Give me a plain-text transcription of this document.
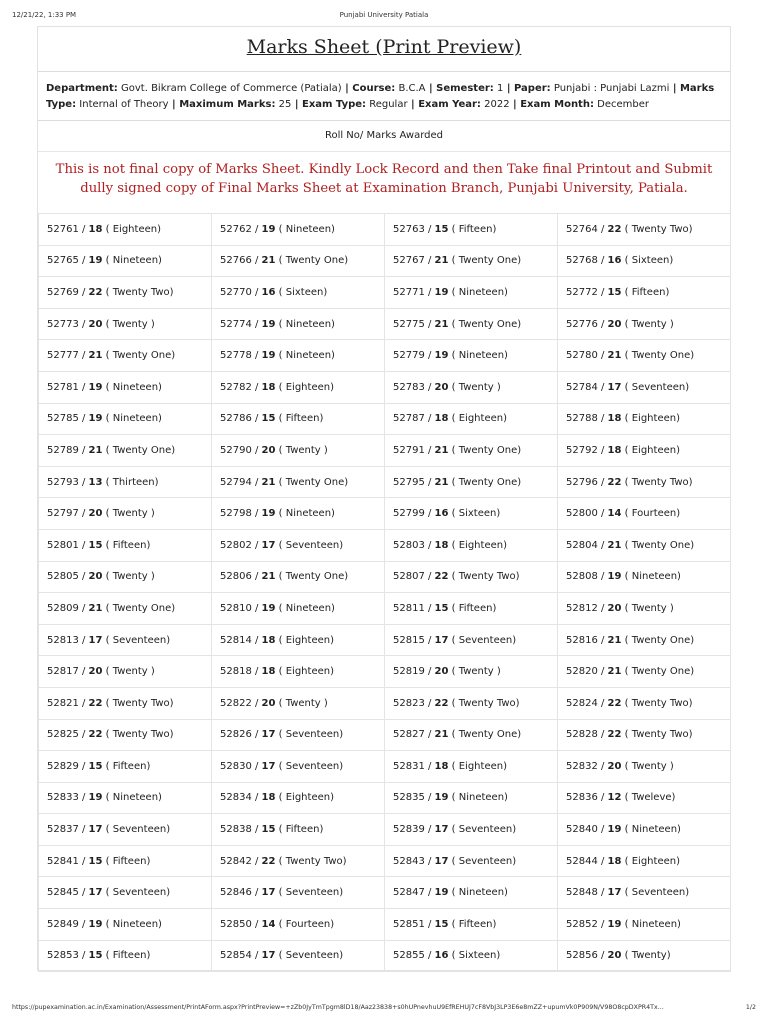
12/21/22, 1:33 PM	Punjabi University Patiala
Marks Sheet (Print Preview)
Department: Govt. Bikram College of Commerce (Patiala) | Course: B.C.A | Semester: 1 | Paper: Punjabi : Punjabi Lazmi | Marks Type: Internal of Theory | Maximum Marks: 25 | Exam Type: Regular | Exam Year: 2022 | Exam Month: December
Roll No/ Marks Awarded
This is not final copy of Marks Sheet. Kindly Lock Record and then Take final Printout and Submit dully signed copy of Final Marks Sheet at Examination Branch, Punjabi University, Patiala.
52761 / 18 ( Eighteen)	52762 / 19 ( Nineteen)	52763 / 15 ( Fifteen)	52764 / 22 ( Twenty Two)
52765 / 19 ( Nineteen)	52766 / 21 ( Twenty One)	52767 / 21 ( Twenty One)	52768 / 16 ( Sixteen)
52769 / 22 ( Twenty Two)	52770 / 16 ( Sixteen)	52771 / 19 ( Nineteen)	52772 / 15 ( Fifteen)
52773 / 20 ( Twenty )	52774 / 19 ( Nineteen)	52775 / 21 ( Twenty One)	52776 / 20 ( Twenty )
52777 / 21 ( Twenty One)	52778 / 19 ( Nineteen)	52779 / 19 ( Nineteen)	52780 / 21 ( Twenty One)
52781 / 19 ( Nineteen)	52782 / 18 ( Eighteen)	52783 / 20 ( Twenty )	52784 / 17 ( Seventeen)
52785 / 19 ( Nineteen)	52786 / 15 ( Fifteen)	52787 / 18 ( Eighteen)	52788 / 18 ( Eighteen)
52789 / 21 ( Twenty One)	52790 / 20 ( Twenty )	52791 / 21 ( Twenty One)	52792 / 18 ( Eighteen)
52793 / 13 ( Thirteen)	52794 / 21 ( Twenty One)	52795 / 21 ( Twenty One)	52796 / 22 ( Twenty Two)
52797 / 20 ( Twenty )	52798 / 19 ( Nineteen)	52799 / 16 ( Sixteen)	52800 / 14 ( Fourteen)
52801 / 15 ( Fifteen)	52802 / 17 ( Seventeen)	52803 / 18 ( Eighteen)	52804 / 21 ( Twenty One)
52805 / 20 ( Twenty )	52806 / 21 ( Twenty One)	52807 / 22 ( Twenty Two)	52808 / 19 ( Nineteen)
52809 / 21 ( Twenty One)	52810 / 19 ( Nineteen)	52811 / 15 ( Fifteen)	52812 / 20 ( Twenty )
52813 / 17 ( Seventeen)	52814 / 18 ( Eighteen)	52815 / 17 ( Seventeen)	52816 / 21 ( Twenty One)
52817 / 20 ( Twenty )	52818 / 18 ( Eighteen)	52819 / 20 ( Twenty )	52820 / 21 ( Twenty One)
52821 / 22 ( Twenty Two)	52822 / 20 ( Twenty )	52823 / 22 ( Twenty Two)	52824 / 22 ( Twenty Two)
52825 / 22 ( Twenty Two)	52826 / 17 ( Seventeen)	52827 / 21 ( Twenty One)	52828 / 22 ( Twenty Two)
52829 / 15 ( Fifteen)	52830 / 17 ( Seventeen)	52831 / 18 ( Eighteen)	52832 / 20 ( Twenty )
52833 / 19 ( Nineteen)	52834 / 18 ( Eighteen)	52835 / 19 ( Nineteen)	52836 / 12 ( Tweleve)
52837 / 17 ( Seventeen)	52838 / 15 ( Fifteen)	52839 / 17 ( Seventeen)	52840 / 19 ( Nineteen)
52841 / 15 ( Fifteen)	52842 / 22 ( Twenty Two)	52843 / 17 ( Seventeen)	52844 / 18 ( Eighteen)
52845 / 17 ( Seventeen)	52846 / 17 ( Seventeen)	52847 / 19 ( Nineteen)	52848 / 17 ( Seventeen)
52849 / 19 ( Nineteen)	52850 / 14 ( Fourteen)	52851 / 15 ( Fifteen)	52852 / 19 ( Nineteen)
52853 / 15 ( Fifteen)	52854 / 17 ( Seventeen)	52855 / 16 ( Sixteen)	52856 / 20 ( Twenty)
https://pupexamination.ac.in/Examination/Assessment/PrintAForm.aspx?PrintPreview=+zZb0JyTmTpgm8lD18/Aaz23838+s0hUPnevhuU9EfREHUJ7cF8VbJ3LP3E6e8mZZ+upumVk0P909N/V98O8cpDXPR4Tx...	1/2
